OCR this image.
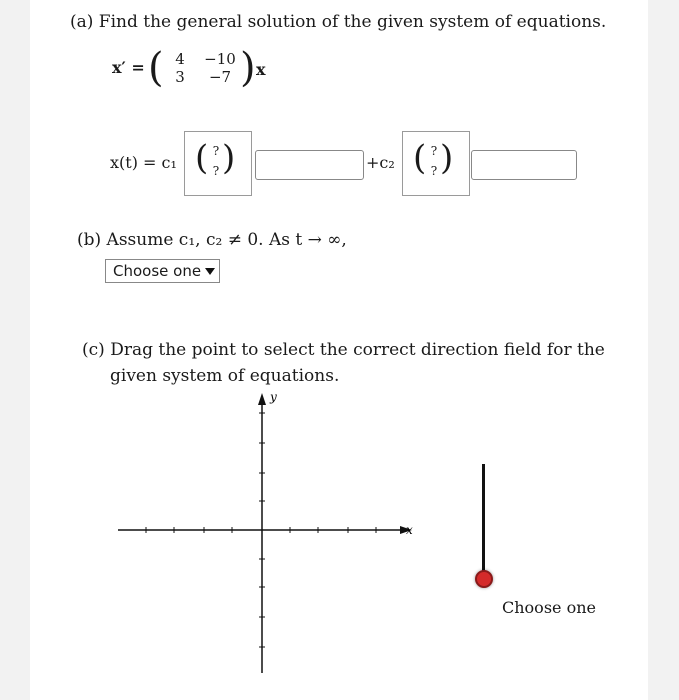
(a) Find the general solution of the given system of equations.
x′ = ( 4	−10
3	−7 ) x
x(t) = c₁ ( ?
? )	+c₂ ( ?
? )
(b) Assume c₁, c₂ ≠ 0. As t → ∞,
Choose one
(c) Drag the point to select the correct direction field for the
given system of equations.
y
x
Choose one
